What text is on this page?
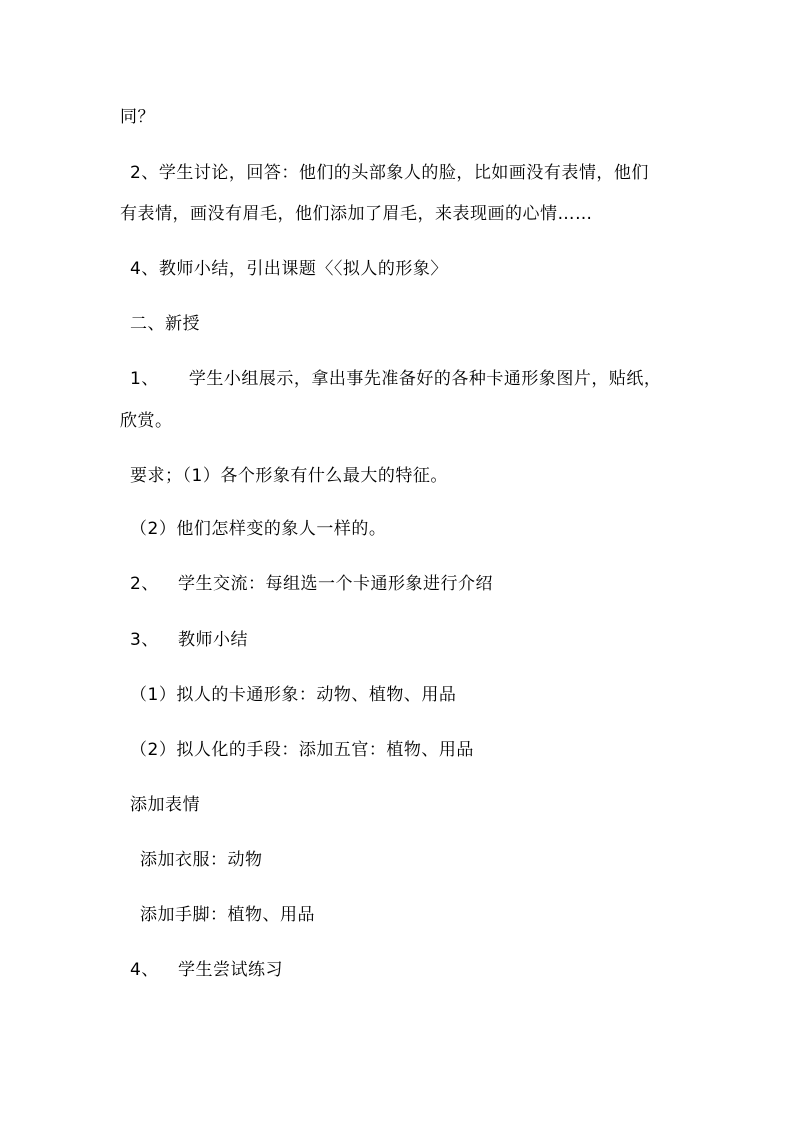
同？
2、学生讨论，回答：他们的头部象人的脸，比如画没有表情，他们
有表情，画没有眉毛，他们添加了眉毛，来表现画的心情……
4、教师小结，引出课题〈〈拟人的形象〉
二、新授
1、 学生小组展示，拿出事先准备好的各种卡通形象图片，贴纸，
欣赏。
要求；（1）各个形象有什么最大的特征。
（2）他们怎样变的象人一样的。
2、 学生交流：每组选一个卡通形象进行介绍
3、 教师小结
（1）拟人的卡通形象：动物、植物、用品
（2）拟人化的手段：添加五官：植物、用品
添加表情
添加衣服：动物
添加手脚：植物、用品
4、 学生尝试练习
